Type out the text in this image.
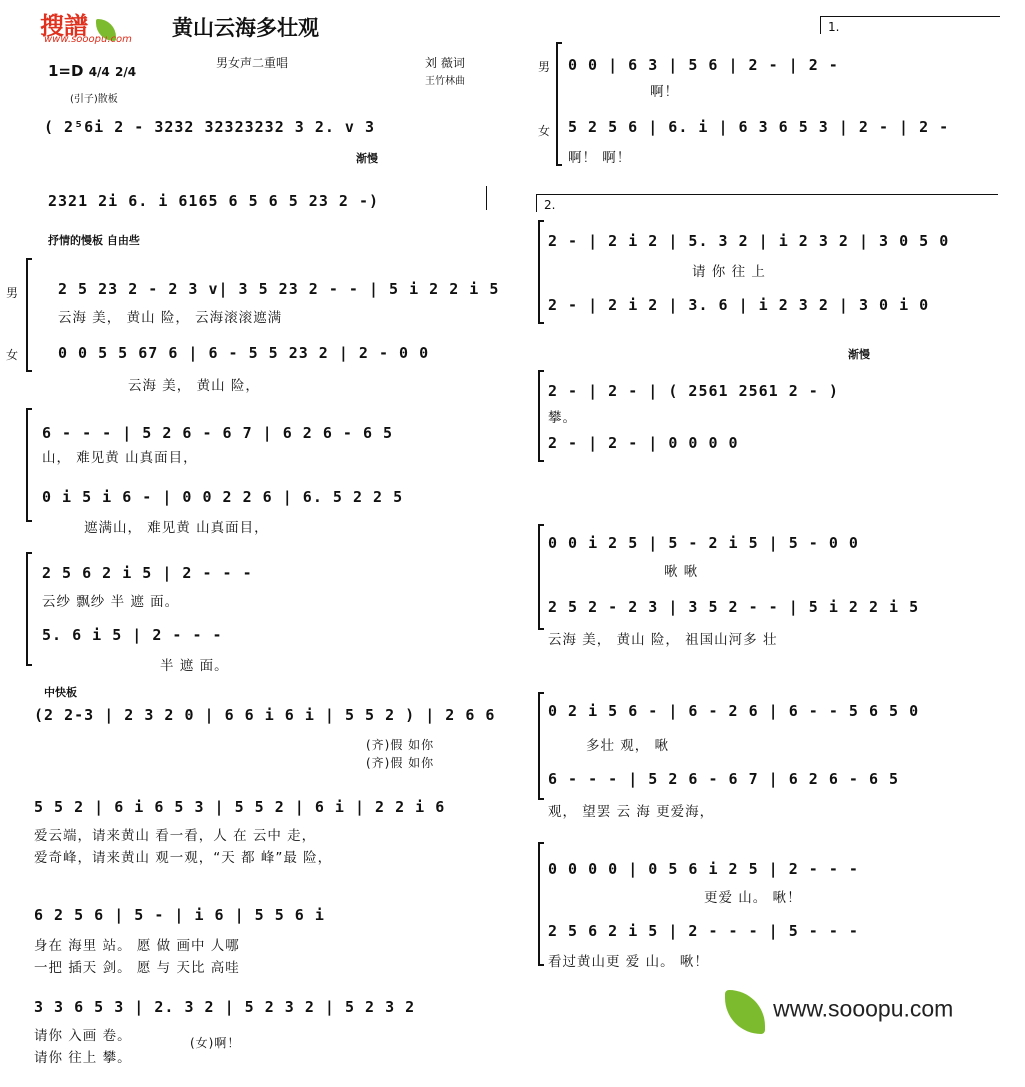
搜譜
www.sooopu.com 黄山云海多壮观
男女声二重唱	刘 薇词
王竹林曲
1=D 4/4 2/4
(引子)散板
( 2⁵6i 2 - 3232 32323232 3 2. v 3
渐慢
2321 2i 6. i 6165 6 5 6 5 23 2 -)
抒情的慢板 自由些
男
女
2 5 23 2 - 2 3 v| 3 5 23 2 - - | 5 i 2 2 i 5
云海 美， 黄山 险， 云海滚滚遮满
0 0 5 5 67 6 | 6 - 5 5 23 2 | 2 - 0 0
云海 美， 黄山 险，
6 - - - | 5 2 6 - 6 7 | 6 2 6 - 6 5
山， 难见黄 山真面目，
0 i 5 i 6 - | 0 0 2 2 6 | 6. 5 2 2 5
遮满山， 难见黄 山真面目，
2 5 6 2 i 5 | 2 - - -
云纱 飘纱 半 遮 面。
5. 6 i 5 | 2 - - -
半 遮 面。
中快板
(2 2-3 | 2 3 2 0 | 6 6 i 6 i | 5 5 2 ) | 2 6 6
(齐)假 如你
(齐)假 如你
5 5 2 | 6 i 6 5 3 | 5 5 2 | 6 i | 2 2 i 6
爱云端，请来黄山 看一看，人 在 云中 走，
爱奇峰，请来黄山 观一观，“天 都 峰”最 险，
6 2 5 6 | 5 - | i 6 | 5 5 6 i
身在 海里 站。 愿 做 画中 人哪
一把 插天 剑。 愿 与 天比 高哇
3 3 6 5 3 | 2. 3 2 | 5 2 3 2 | 5 2 3 2
请你 入画 卷。
请你 往上 攀。
(女)啊！
1.
男
女
0 0 | 6 3 | 5 6 | 2 - | 2 -
啊！
5 2 5 6 | 6. i | 6 3 6 5 3 | 2 - | 2 -
啊！ 啊！
2.
2 - | 2 i 2 | 5. 3 2 | i 2 3 2 | 3 0 5 0
请 你 往 上
2 - | 2 i 2 | 3. 6 | i 2 3 2 | 3 0 i 0
渐慢
2 - | 2 - | ( 2561 2561 2 - )
攀。
2 - | 2 - | 0 0 0 0
0 0 i 2 5 | 5 - 2 i 5 | 5 - 0 0
啾 啾
2 5 2 - 2 3 | 3 5 2 - - | 5 i 2 2 i 5
云海 美， 黄山 险， 祖国山河多 壮
0 2 i 5 6 - | 6 - 2 6 | 6 - - 5 6 5 0
多壮 观， 啾
6 - - - | 5 2 6 - 6 7 | 6 2 6 - 6 5
观， 望罢 云 海 更爱海，
0 0 0 0 | 0 5 6 i 2 5 | 2 - - -
更爱 山。 啾！
2 5 6 2 i 5 | 2 - - - | 5 - - -
看过黄山更 爱 山。 啾！
www.sooopu.com
